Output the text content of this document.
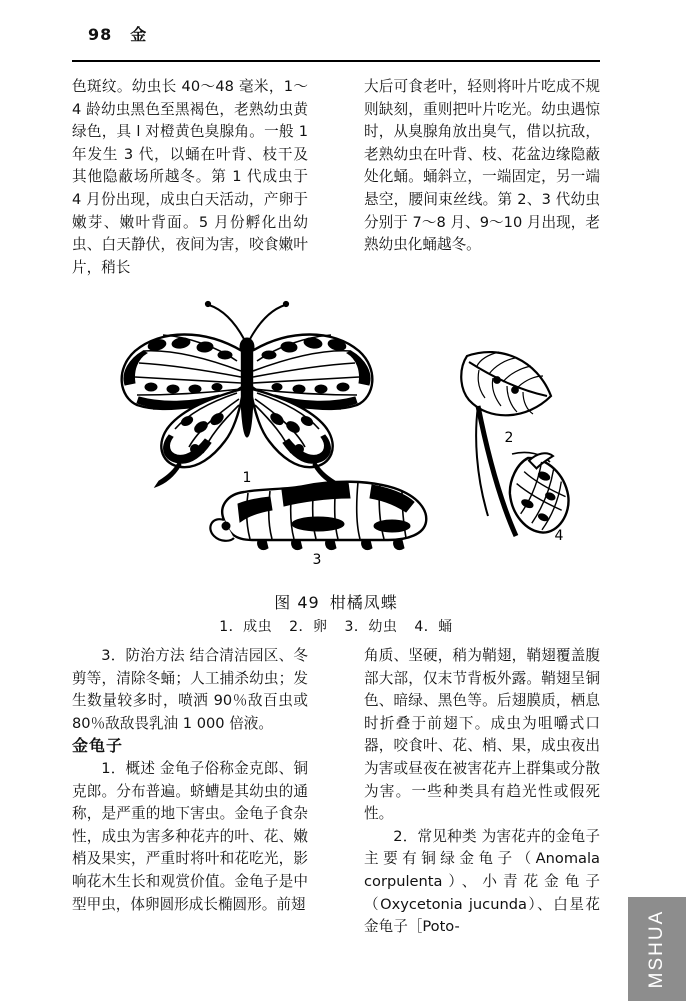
98 金

色斑纹。幼虫长 40～48 毫米，1～4 龄幼虫黑色至黑褐色，老熟幼虫黄绿色，具 l 对橙黄色臭腺角。一般 1 年发生 3 代，以蛹在叶背、枝干及其他隐蔽场所越冬。第 1 代成虫于 4 月份出现，成虫白天活动，产卵于嫩芽、嫩叶背面。5 月份孵化出幼虫、白天静伏，夜间为害，咬食嫩叶片，稍长

大后可食老叶，轻则将叶片吃成不规则缺刻，重则把叶片吃光。幼虫遇惊时，从臭腺角放出臭气，借以抗敌，老熟幼虫在叶背、枝、花盆边缘隐蔽处化蛹。蛹斜立，一端固定，另一端悬空，腰间束丝线。第 2、3 代幼虫分别于 7～8 月、9～10 月出现，老熟幼虫化蛹越冬。

1
2
3
4
图 49 柑橘凤蝶
1．成虫 2．卵 3．幼虫 4．蛹

3．防治方法 结合清洁园区、冬剪等，清除冬蛹；人工捕杀幼虫；发生数量较多时，喷洒 90％敌百虫或 80％敌敌畏乳油 1 000 倍液。

金龟子

1．概述 金龟子俗称金克郎、铜克郎。分布普遍。蛴螬是其幼虫的通称，是严重的地下害虫。金龟子食杂性，成虫为害多种花卉的叶、花、嫩梢及果实，严重时将叶和花吃光，影响花木生长和观赏价值。金龟子是中型甲虫，体卵圆形成长椭圆形。前翅

角质、坚硬，稍为鞘翅，鞘翅覆盖腹部大部，仅末节背板外露。鞘翅呈铜色、暗绿、黑色等。后翅膜质，栖息时折叠于前翅下。成虫为咀嚼式口器，咬食叶、花、梢、果，成虫夜出为害或昼夜在被害花卉上群集或分散为害。一些种类具有趋光性或假死性。

2．常见种类 为害花卉的金龟子主要有铜绿金龟子（Anomala corpulenta）、小青花金龟子（Oxycetonia jucunda）、白星花金龟子［Poto-	MSHUA
